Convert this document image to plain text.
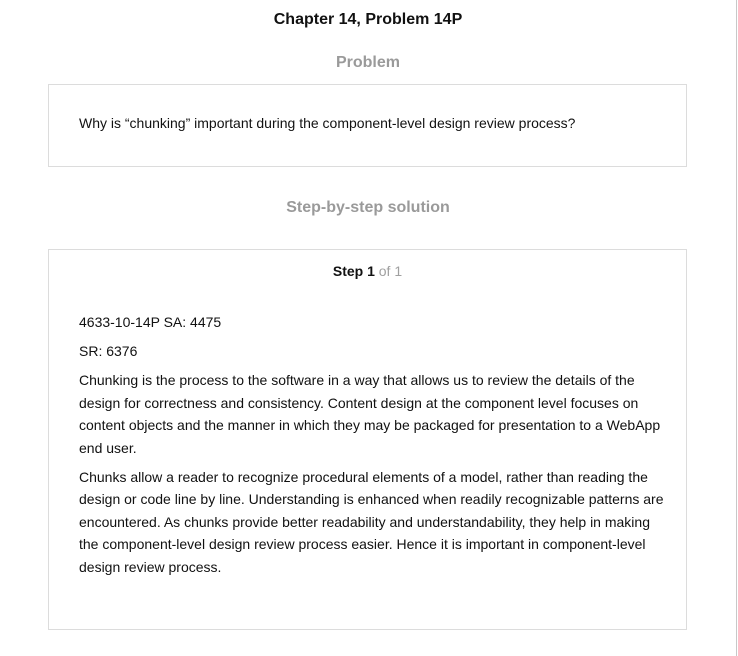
Chapter 14, Problem 14P
Problem
Why is “chunking” important during the component-level design review process?
Step-by-step solution
Step 1 of 1

4633-10-14P SA: 4475

SR: 6376

Chunking is the process to the software in a way that allows us to review the details of the design for correctness and consistency. Content design at the component level focuses on content objects and the manner in which they may be packaged for presentation to a WebApp end user.

Chunks allow a reader to recognize procedural elements of a model, rather than reading the design or code line by line. Understanding is enhanced when readily recognizable patterns are encountered. As chunks provide better readability and understandability, they help in making the component-level design review process easier. Hence it is important in component-level design review process.
